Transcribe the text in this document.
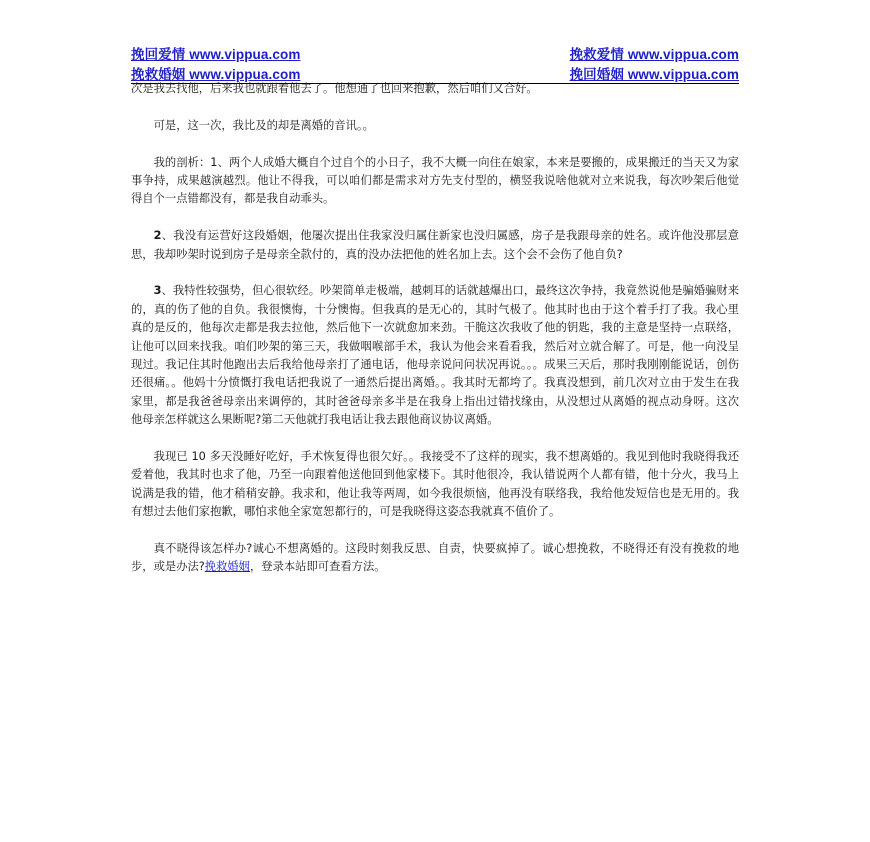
挽回爱情 www.vippua.com	挽救爱情 www.vippua.com
挽救婚姻 www.vippua.com	挽回婚姻 www.vippua.com

次是我去找他，后来我也就跟着他去了。他想通了也回来抱歉，然后咱们又合好。

可是，这一次，我比及的却是离婚的音讯。。

我的剖析：1、两个人成婚大概自个过自个的小日子，我不大概一向住在娘家，本来是要搬的，成果搬迁的当天又为家事争持，成果越演越烈。他让不得我，可以咱们都是需求对方先支付型的，横竖我说啥他就对立来说我，每次吵架后他觉得自个一点错都没有，都是我自动乖头。

2、我没有运营好这段婚姻，他屡次提出住我家没归属住新家也没归属感，房子是我跟母亲的姓名。或许他没那层意思，我却吵架时说到房子是母亲全款付的，真的没办法把他的姓名加上去。这个会不会伤了他自负?

3、我特性较强势，但心很软经。吵架简单走极端，越刺耳的话就越爆出口，最终这次争持，我竟然说他是骗婚骗财来的，真的伤了他的自负。我很懊悔，十分懊悔。但我真的是无心的，其时气极了。他其时也由于这个着手打了我。我心里真的是反的，他每次走都是我去拉他，然后他下一次就愈加来劲。干脆这次我收了他的钥匙，我的主意是坚持一点联络，让他可以回来找我。咱们吵架的第三天，我做咽喉部手术，我认为他会来看看我，然后对立就合解了。可是，他一向没呈现过。我记住其时他跑出去后我给他母亲打了通电话，他母亲说问问状况再说。。。成果三天后，那时我刚刚能说话，创伤还很痛。。他妈十分愤慨打我电话把我说了一通然后提出离婚。。我其时无都垮了。我真没想到，前几次对立由于发生在我家里，都是我爸爸母亲出来调停的，其时爸爸母亲多半是在我身上指出过错找缘由，从没想过从离婚的视点动身呀。这次他母亲怎样就这么果断呢?第二天他就打我电话让我去跟他商议协议离婚。

我现已 10 多天没睡好吃好，手术恢复得也很欠好。。我接受不了这样的现实，我不想离婚的。我见到他时我晓得我还爱着他，我其时也求了他，乃至一向跟着他送他回到他家楼下。其时他很冷，我认错说两个人都有错，他十分火，我马上说满是我的错，他才稍稍安静。我求和，他让我等两周，如今我很烦恼，他再没有联络我，我给他发短信也是无用的。我有想过去他们家抱歉，哪怕求他全家宽恕都行的，可是我晓得这姿态我就真不值价了。

真不晓得该怎样办?诚心不想离婚的。这段时刻我反思、自责，快要疯掉了。诚心想挽救，不晓得还有没有挽救的地步，或是办法?挽救婚姻，登录本站即可查看方法。
